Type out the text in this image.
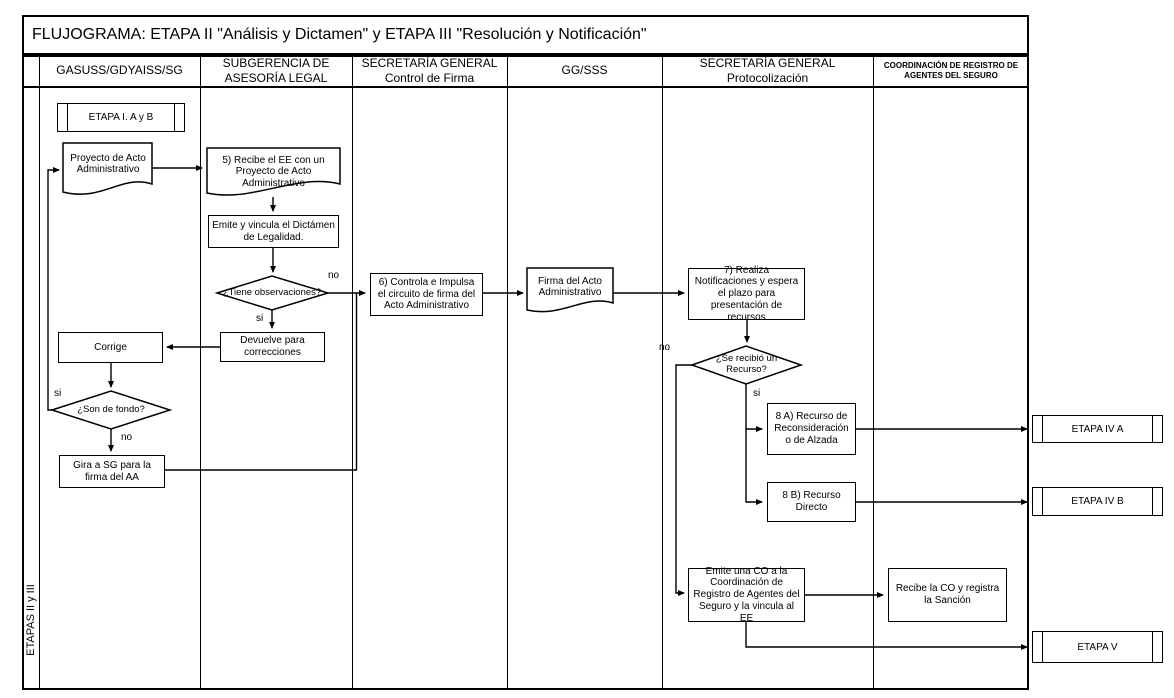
FLUJOGRAMA: ETAPA II "Análisis y Dictamen" y ETAPA III "Resolución y Notificación"
GASUSS/GDYAISS/SG
SUBGERENCIA DE
ASESORÍA LEGAL
SECRETARÍA GENERAL
Control de Firma
GG/SSS
SECRETARÍA GENERAL
Protocolización
COORDINACIÓN DE REGISTRO DE
AGENTES DEL SEGURO
ETAPAS II y III
ETAPA I. A y B
Corrige
Gira a SG para la firma del AA
Emite y vincula el Dictámen de Legalidad.
Devuelve para correcciones
6) Controla e Impulsa el circuito de firma del Acto Administrativo
7) Realiza Notificaciones y espera el plazo para presentación de recursos
8 A) Recurso de Reconsideración o de Alzada
8 B) Recurso Directo
Emite una CO a la Coordinación de Registro de Agentes del Seguro y la vincula al EE
Recibe la CO y registra la Sanción
ETAPA IV A
ETAPA IV B
ETAPA V
Proyecto de Acto Administrativo
5) Recibe el EE con un Proyecto de Acto Administrativo
Firma del Acto Administrativo
¿Tiene observaciones?
¿Son de fondo?
¿Se recibió un Recurso?
no
si
si
no
no
si
